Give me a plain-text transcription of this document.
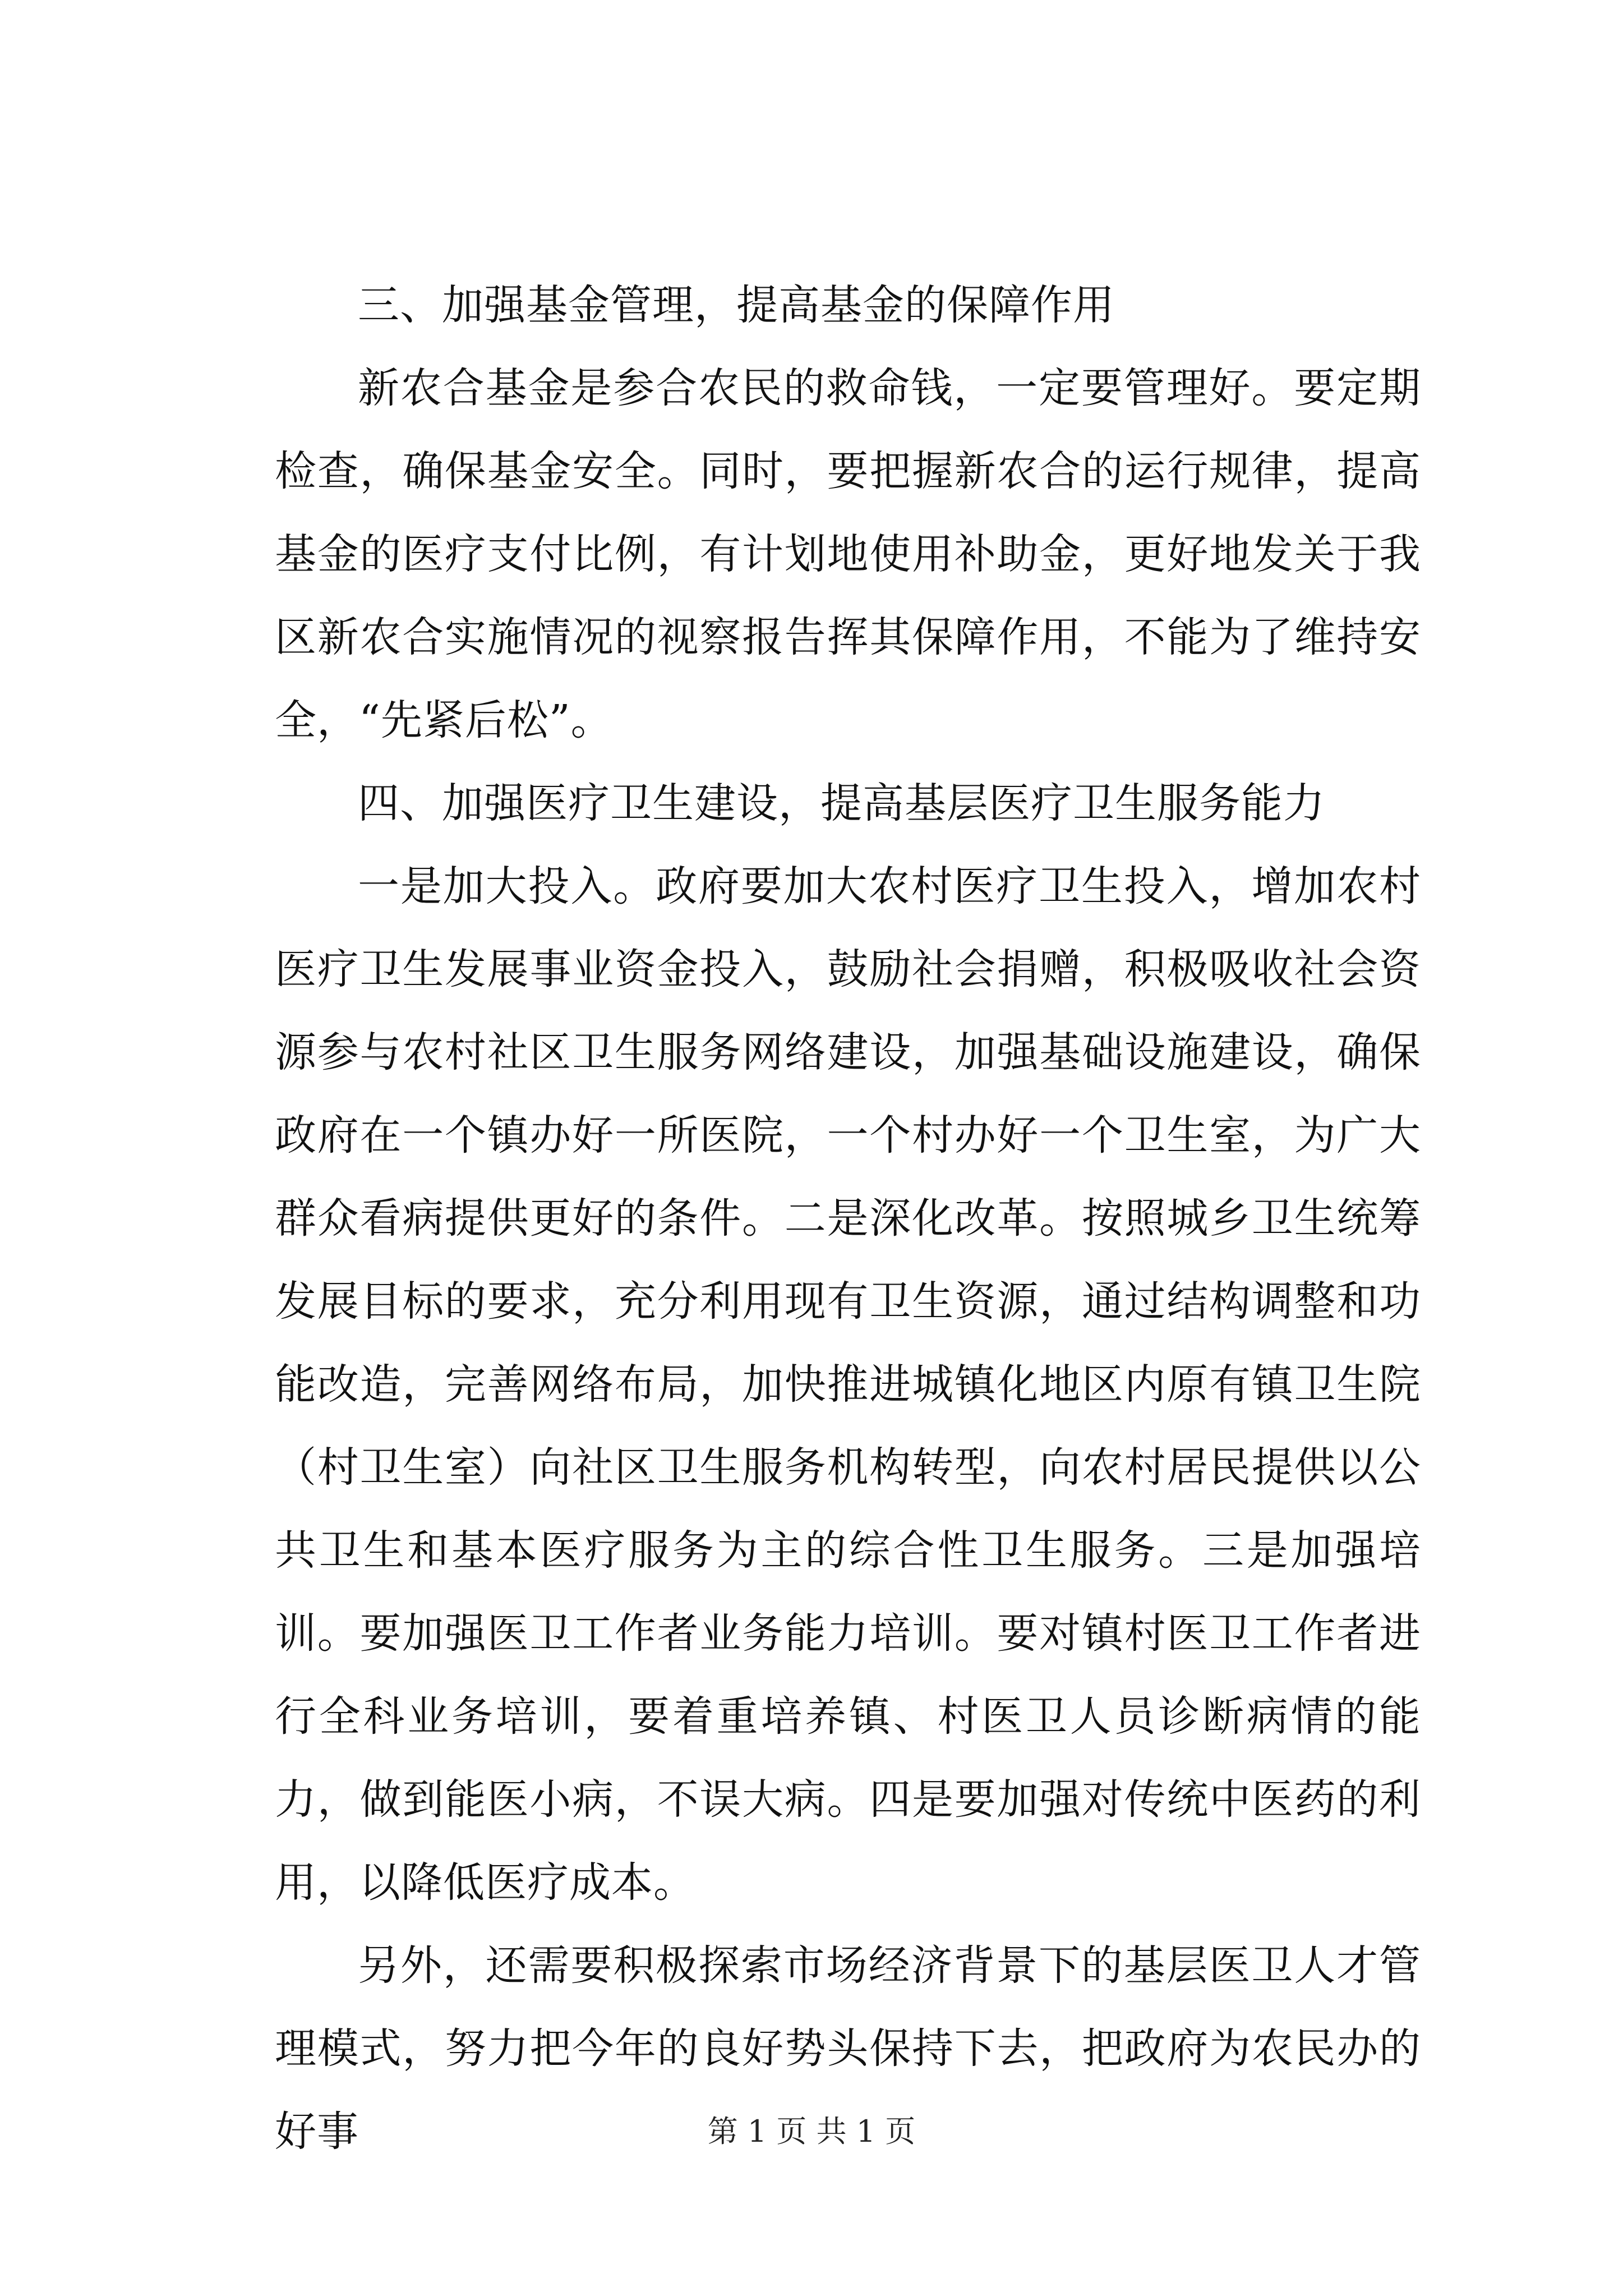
三、加强基金管理，提高基金的保障作用

新农合基金是参合农民的救命钱，一定要管理好。要定期检查，确保基金安全。同时，要把握新农合的运行规律，提高基金的医疗支付比例，有计划地使用补助金，更好地发关于我区新农合实施情况的视察报告挥其保障作用，不能为了维持安全，“先紧后松”。

四、加强医疗卫生建设，提高基层医疗卫生服务能力

一是加大投入。政府要加大农村医疗卫生投入，增加农村医疗卫生发展事业资金投入，鼓励社会捐赠，积极吸收社会资源参与农村社区卫生服务网络建设，加强基础设施建设，确保政府在一个镇办好一所医院，一个村办好一个卫生室，为广大群众看病提供更好的条件。二是深化改革。按照城乡卫生统筹发展目标的要求，充分利用现有卫生资源，通过结构调整和功能改造，完善网络布局，加快推进城镇化地区内原有镇卫生院（村卫生室）向社区卫生服务机构转型，向农村居民提供以公共卫生和基本医疗服务为主的综合性卫生服务。三是加强培训。要加强医卫工作者业务能力培训。要对镇村医卫工作者进行全科业务培训，要着重培养镇、村医卫人员诊断病情的能力，做到能医小病，不误大病。四是要加强对传统中医药的利用，以降低医疗成本。

另外，还需要积极探索市场经济背景下的基层医卫人才管理模式，努力把今年的良好势头保持下去，把政府为农民办的好事	第 1 页 共 1 页
